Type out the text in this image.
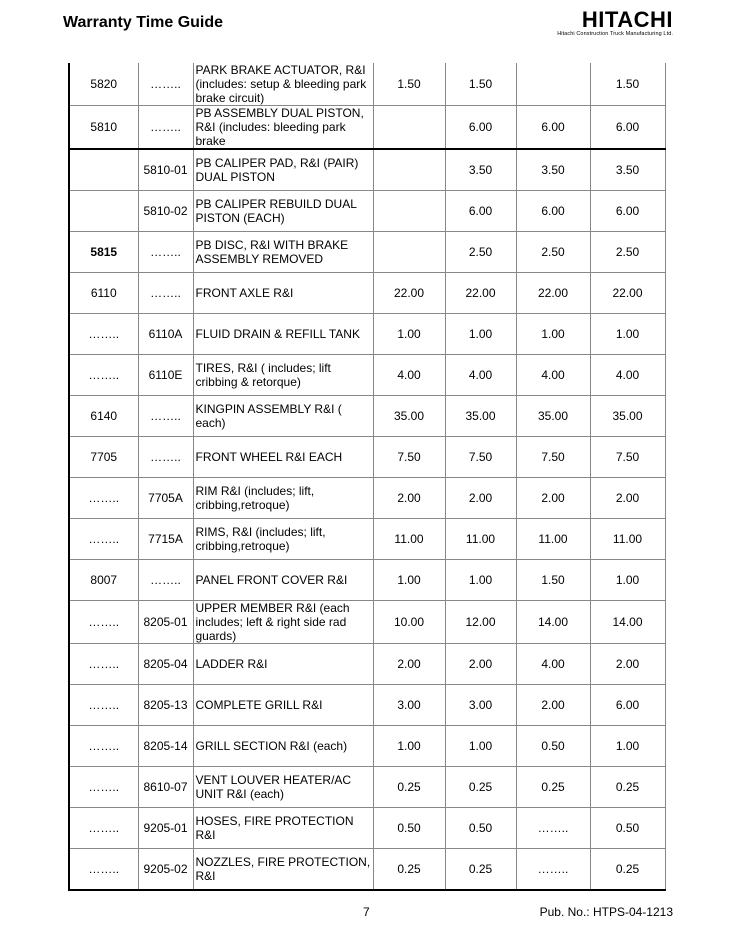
Warranty Time Guide	HITACHI
Hitachi Construction Truck Manufacturing Ltd.
5820	……..	PARK BRAKE ACTUATOR, R&I (includes: setup & bleeding park brake circuit)	1.50	1.50		1.50
5810	……..	PB ASSEMBLY DUAL PISTON, R&I (includes: bleeding park brake		6.00	6.00	6.00
	5810-01	PB CALIPER PAD, R&I (PAIR) DUAL PISTON		3.50	3.50	3.50
	5810-02	PB CALIPER REBUILD DUAL PISTON (EACH)		6.00	6.00	6.00
5815	……..	PB DISC, R&I WITH BRAKE ASSEMBLY REMOVED		2.50	2.50	2.50
6110	……..	FRONT AXLE R&I	22.00	22.00	22.00	22.00
……..	6110A	FLUID DRAIN & REFILL TANK	1.00	1.00	1.00	1.00
……..	6110E	TIRES, R&I ( includes; lift cribbing & retorque)	4.00	4.00	4.00	4.00
6140	……..	KINGPIN ASSEMBLY R&I ( each)	35.00	35.00	35.00	35.00
7705	……..	FRONT WHEEL R&I EACH	7.50	7.50	7.50	7.50
……..	7705A	RIM R&I (includes; lift, cribbing,retroque)	2.00	2.00	2.00	2.00
……..	7715A	RIMS, R&I (includes; lift, cribbing,retroque)	11.00	11.00	11.00	11.00
8007	……..	PANEL FRONT COVER R&I	1.00	1.00	1.50	1.00
……..	8205-01	UPPER MEMBER R&I (each includes; left & right side rad guards)	10.00	12.00	14.00	14.00
……..	8205-04	LADDER R&I	2.00	2.00	4.00	2.00
……..	8205-13	COMPLETE GRILL R&I	3.00	3.00	2.00	6.00
……..	8205-14	GRILL SECTION R&I (each)	1.00	1.00	0.50	1.00
……..	8610-07	VENT LOUVER HEATER/AC UNIT R&I (each)	0.25	0.25	0.25	0.25
……..	9205-01	HOSES, FIRE PROTECTION R&I	0.50	0.50	……..	0.50
……..	9205-02	NOZZLES, FIRE PROTECTION, R&I	0.25	0.25	……..	0.25
7	Pub. No.: HTPS-04-1213
